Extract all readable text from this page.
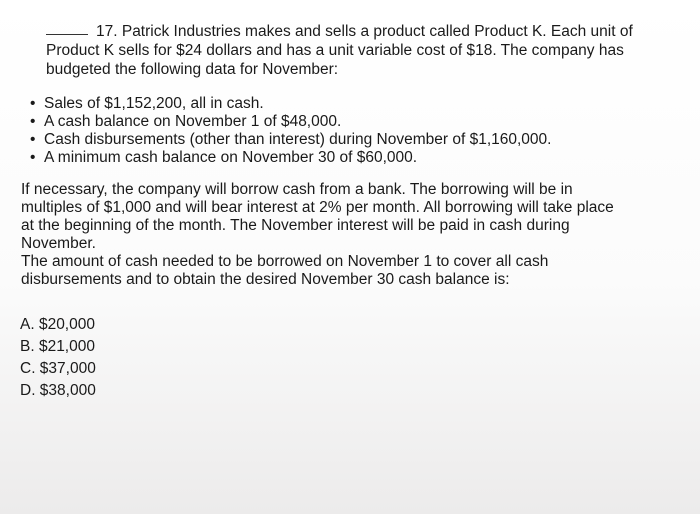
17. Patrick Industries makes and sells a product called Product K. Each unit of
Product K sells for $24 dollars and has a unit variable cost of $18. The company has
budgeted the following data for November:
• Sales of $1,152,200, all in cash.
• A cash balance on November 1 of $48,000.
• Cash disbursements (other than interest) during November of $1,160,000.
• A minimum cash balance on November 30 of $60,000.
If necessary, the company will borrow cash from a bank. The borrowing will be in
multiples of $1,000 and will bear interest at 2% per month. All borrowing will take place
at the beginning of the month. The November interest will be paid in cash during
November.
The amount of cash needed to be borrowed on November 1 to cover all cash
disbursements and to obtain the desired November 30 cash balance is:
A. $20,000
B. $21,000
C. $37,000
D. $38,000
